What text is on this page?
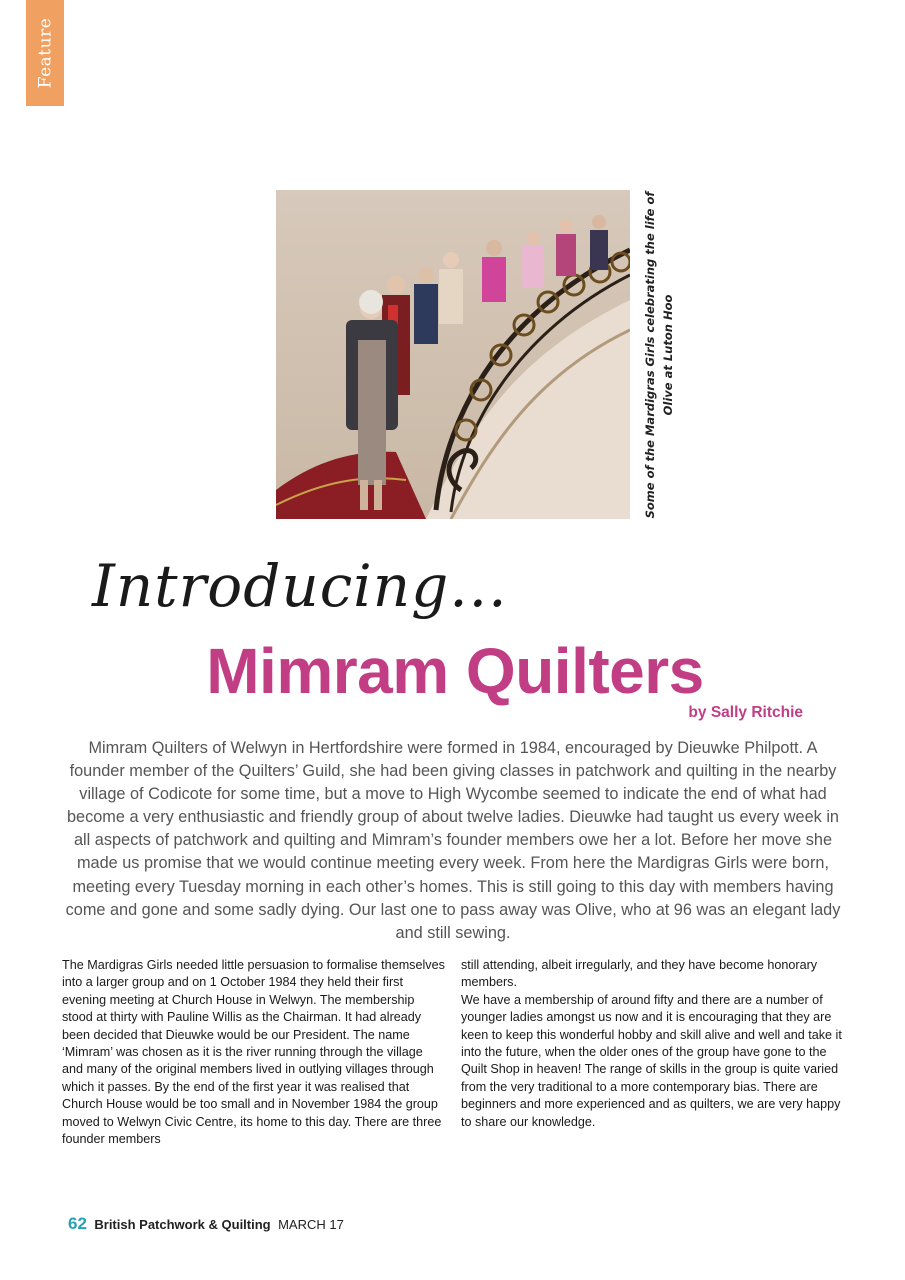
Feature
Some of the Mardigras Girls celebrating the life of Olive at Luton Hoo
Introducing...
Mimram Quilters
by Sally Ritchie
Mimram Quilters of Welwyn in Hertfordshire were formed in 1984, encouraged by Dieuwke Philpott. A founder member of the Quilters’ Guild, she had been giving classes in patchwork and quilting in the nearby village of Codicote for some time, but a move to High Wycombe seemed to indicate the end of what had become a very enthusiastic and friendly group of about twelve ladies. Dieuwke had taught us every week in all aspects of patchwork and quilting and Mimram’s founder members owe her a lot. Before her move she made us promise that we would continue meeting every week. From here the Mardigras Girls were born, meeting every Tuesday morning in each other’s homes. This is still going to this day with members having come and gone and some sadly dying. Our last one to pass away was Olive, who at 96 was an elegant lady and still sewing.

The Mardigras Girls needed little persuasion to formalise themselves into a larger group and on 1 October 1984 they held their first evening meeting at Church House in Welwyn. The membership stood at thirty with Pauline Willis as the Chairman. It had already been decided that Dieuwke would be our President. The name ‘Mimram’ was chosen as it is the river running through the village and many of the original members lived in outlying villages through which it passes. By the end of the first year it was realised that Church House would be too small and in November 1984 the group moved to Welwyn Civic Centre, its home to this day. There are three founder members

still attending, albeit irregularly, and they have become honorary members.

We have a membership of around fifty and there are a number of younger ladies amongst us now and it is encouraging that they are keen to keep this wonderful hobby and skill alive and well and take it into the future, when the older ones of the group have gone to the Quilt Shop in heaven! The range of skills in the group is quite varied from the very traditional to a more contemporary bias. There are beginners and more experienced and as quilters, we are very happy to share our knowledge.

62 British Patchwork & Quilting MARCH 17
